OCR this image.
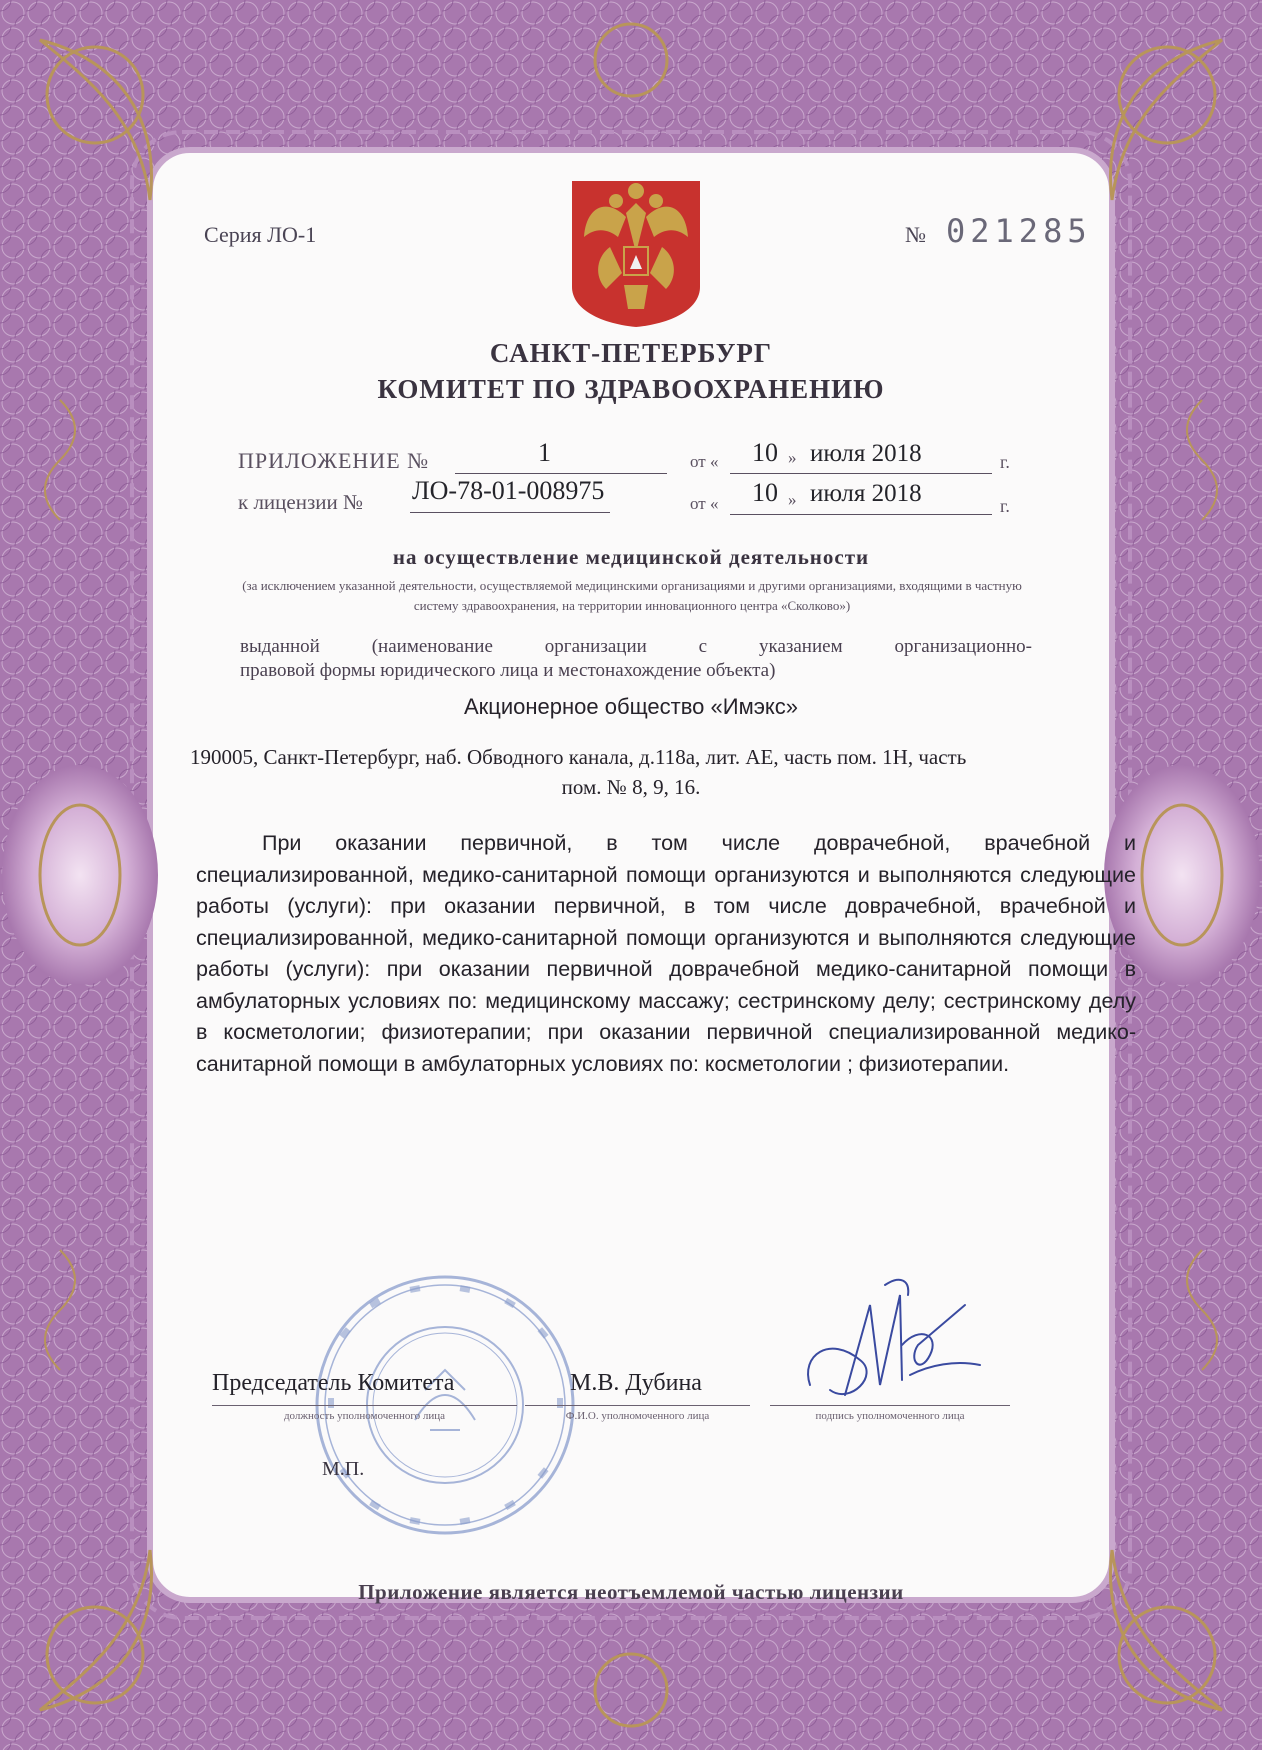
Серия ЛО-1	№ 021285
САНКТ-ПЕТЕРБУРГ
КОМИТЕТ ПО ЗДРАВООХРАНЕНИЮ
ПРИЛОЖЕНИЕ №	1	от « 10 » июля 2018	г.
к лицензии № ЛО-78-01-008975	от « 10 » июля 2018	г.
на осуществление медицинской деятельности
(за исключением указанной деятельности, осуществляемой медицинскими организациями и другими организациями, входящими в частную систему здравоохранения, на территории инновационного центра «Сколково»)
выданной (наименование организации с указанием организационно-
правовой формы юридического лица и местонахождение объекта)
Акционерное общество «Имэкс»
190005, Санкт-Петербург, наб. Обводного канала, д.118а, лит. АЕ, часть пом. 1Н, часть
пом. № 8, 9, 16.
При оказании первичной, в том числе доврачебной, врачебной и специализированной, медико-санитарной помощи организуются и выполняются следующие работы (услуги): при оказании первичной, в том числе доврачебной, врачебной и специализированной, медико-санитарной помощи организуются и выполняются следующие работы (услуги): при оказании первичной доврачебной медико-санитарной помощи в амбулаторных условиях по: медицинскому массажу; сестринскому делу; сестринскому делу в косметологии; физиотерапии; при оказании первичной специализированной медико-санитарной помощи в амбулаторных условиях по: косметологии ; физиотерапии.
Председатель Комитета	М.В. Дубина
должность уполномоченного лица	Ф.И.О. уполномоченного лица	подпись уполномоченного лица
М.П.
Приложение является неотъемлемой частью лицензии
